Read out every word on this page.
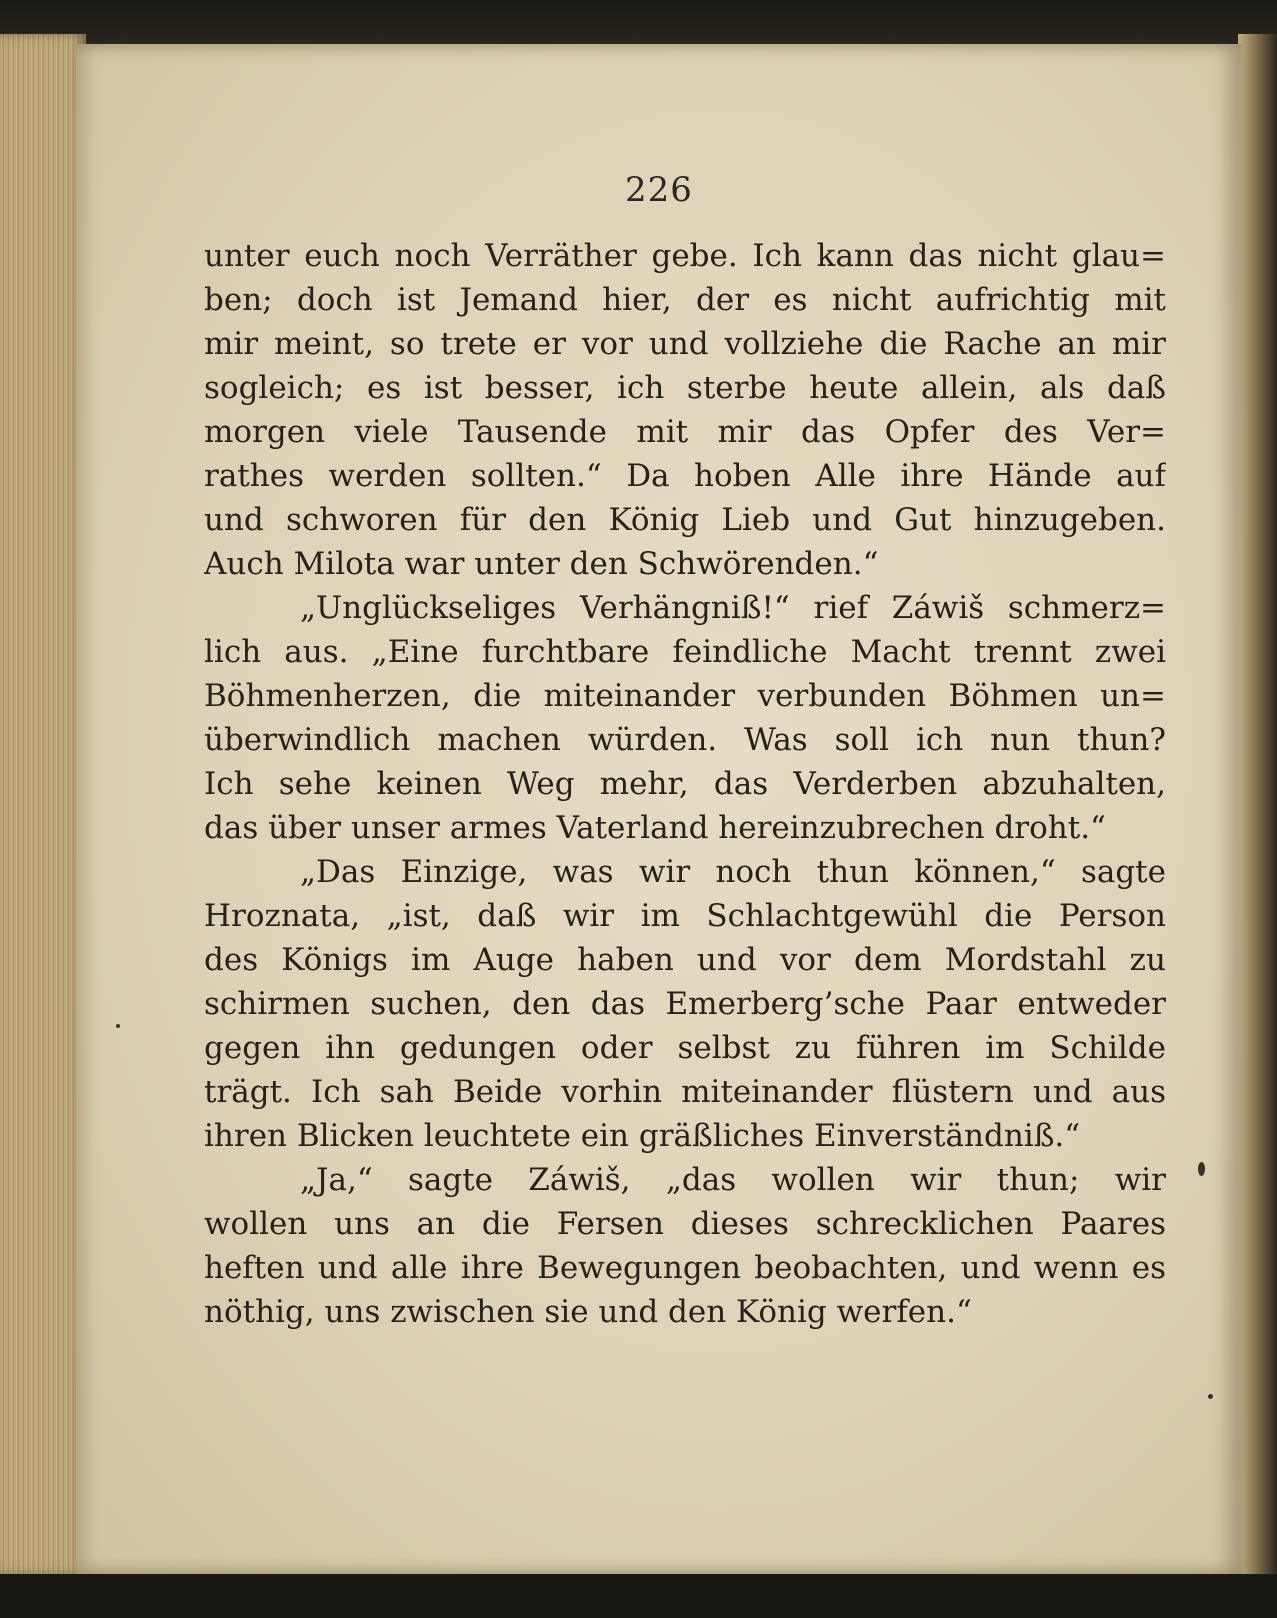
226
unter euch noch Verräther gebe. Ich kann das nicht glau=
ben; doch ist Jemand hier, der es nicht aufrichtig mit
mir meint, so trete er vor und vollziehe die Rache an mir
sogleich; es ist besser, ich sterbe heute allein, als daß
morgen viele Tausende mit mir das Opfer des Ver=
rathes werden sollten.“ Da hoben Alle ihre Hände auf
und schworen für den König Lieb und Gut hinzugeben.
Auch Milota war unter den Schwörenden.“
„Unglückseliges Verhängniß!“ rief Záwiš schmerz=
lich aus. „Eine furchtbare feindliche Macht trennt zwei
Böhmenherzen, die miteinander verbunden Böhmen un=
überwindlich machen würden. Was soll ich nun thun?
Ich sehe keinen Weg mehr, das Verderben abzuhalten,
das über unser armes Vaterland hereinzubrechen droht.“
„Das Einzige, was wir noch thun können,“ sagte
Hroznata, „ist, daß wir im Schlachtgewühl die Person
des Königs im Auge haben und vor dem Mordstahl zu
schirmen suchen, den das Emerberg’sche Paar entweder
gegen ihn gedungen oder selbst zu führen im Schilde
trägt. Ich sah Beide vorhin miteinander flüstern und aus
ihren Blicken leuchtete ein gräßliches Einverständniß.“
„Ja,“ sagte Záwiš, „das wollen wir thun; wir
wollen uns an die Fersen dieses schrecklichen Paares
heften und alle ihre Bewegungen beobachten, und wenn es
nöthig, uns zwischen sie und den König werfen.“
